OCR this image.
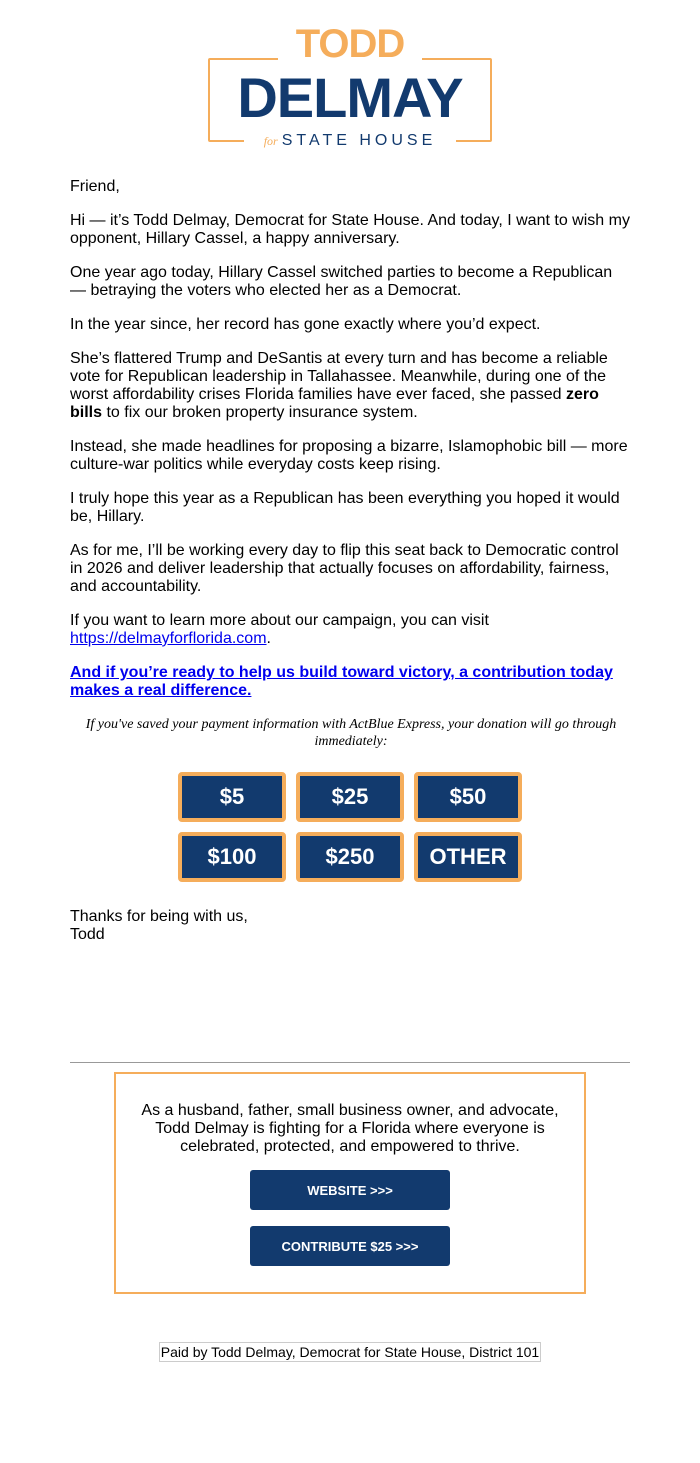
TODD
DELMAY
for STATE HOUSE

Friend,

Hi — it’s Todd Delmay, Democrat for State House. And today, I want to wish my opponent, Hillary Cassel, a happy anniversary.

One year ago today, Hillary Cassel switched parties to become a Republican — betraying the voters who elected her as a Democrat.

In the year since, her record has gone exactly where you’d expect.

She’s flattered Trump and DeSantis at every turn and has become a reliable vote for Republican leadership in Tallahassee. Meanwhile, during one of the worst affordability crises Florida families have ever faced, she passed zero bills to fix our broken property insurance system.

Instead, she made headlines for proposing a bizarre, Islamophobic bill — more culture-war politics while everyday costs keep rising.

I truly hope this year as a Republican has been everything you hoped it would be, Hillary.

As for me, I’ll be working every day to flip this seat back to Democratic control in 2026 and deliver leadership that actually focuses on affordability, fairness, and accountability.

If you want to learn more about our campaign, you can visit https://delmayforflorida.com.

And if you’re ready to help us build toward victory, a contribution today makes a real difference.

If you've saved your payment information with ActBlue Express, your donation will go through immediately:

$5	$25	$50
$100	$250	OTHER
Thanks for being with us,
Todd
As a husband, father, small business owner, and advocate, Todd Delmay is fighting for a Florida where everyone is celebrated, protected, and empowered to thrive.
WEBSITE >>>
CONTRIBUTE $25 >>>
Paid by Todd Delmay, Democrat for State House, District 101
